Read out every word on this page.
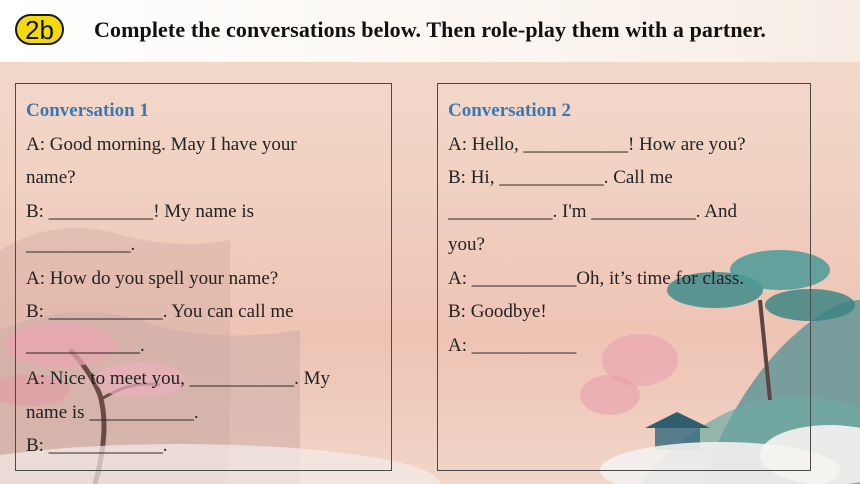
2b	Complete the conversations below. Then role-play them with a partner.
Conversation 1
A: Good morning. May I have your
name?
B: ___________! My name is
___________.
A: How do you spell your name?
B: ____________. You can call me
____________.
A: Nice to meet you, ___________. My
name is ___________.
B: ____________.
Conversation 2
A: Hello, ___________! How are you?
B: Hi, ___________. Call me
___________. I'm ___________. And
you?
A: ___________Oh, it’s time for class.
B: Goodbye!
A: ___________
